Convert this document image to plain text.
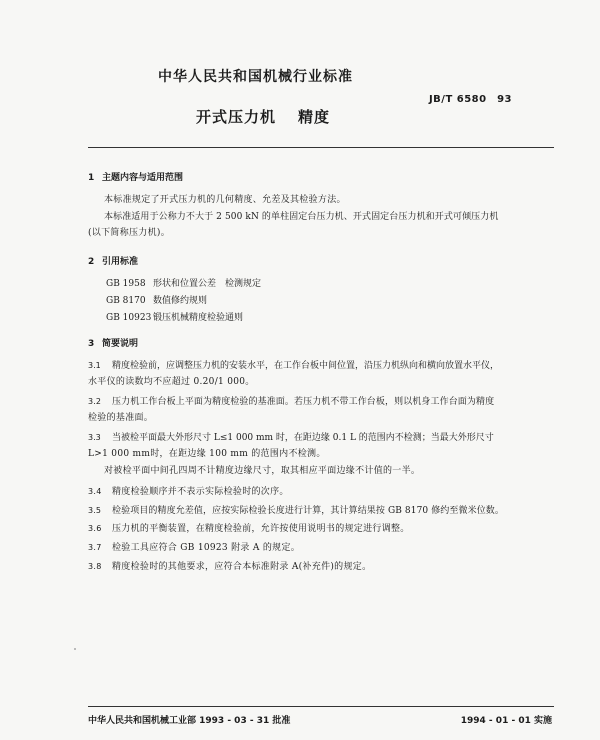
中华人民共和国机械行业标准
JB/T 6580　93
开式压力机 精度
1 主题内容与适用范围
本标准规定了开式压力机的几何精度、允差及其检验方法。
本标准适用于公称力不大于 2 500 kN 的单柱固定台压力机、开式固定台压力机和开式可倾压力机
(以下简称压力机)。
2 引用标准
GB 1958 形状和位置公差　检测规定
GB 8170 数值修约规则
GB 10923 锻压机械精度检验通则
3 简要说明
3.1 精度检验前，应调整压力机的安装水平，在工作台板中间位置，沿压力机纵向和横向放置水平仪，
水平仪的读数均不应超过 0.20/1 000。
3.2 压力机工作台板上平面为精度检验的基准面。若压力机不带工作台板，则以机身工作台面为精度
检验的基准面。
3.3 当被检平面最大外形尺寸 L≤1 000 mm 时，在距边缘 0.1 L 的范围内不检测；当最大外形尺寸
L>1 000 mm时，在距边缘 100 mm 的范围内不检测。
对被检平面中间孔四周不计精度边缘尺寸，取其相应平面边缘不计值的一半。
3.4 精度检验顺序并不表示实际检验时的次序。
3.5 检验项目的精度允差值，应按实际检验长度进行计算，其计算结果按 GB 8170 修约至微米位数。
3.6 压力机的平衡装置，在精度检验前，允许按使用说明书的规定进行调整。
3.7 检验工具应符合 GB 10923 附录 A 的规定。
3.8 精度检验时的其他要求，应符合本标准附录 A(补充件)的规定。
中华人民共和国机械工业部 1993 - 03 - 31 批准	1994 - 01 - 01 实施
